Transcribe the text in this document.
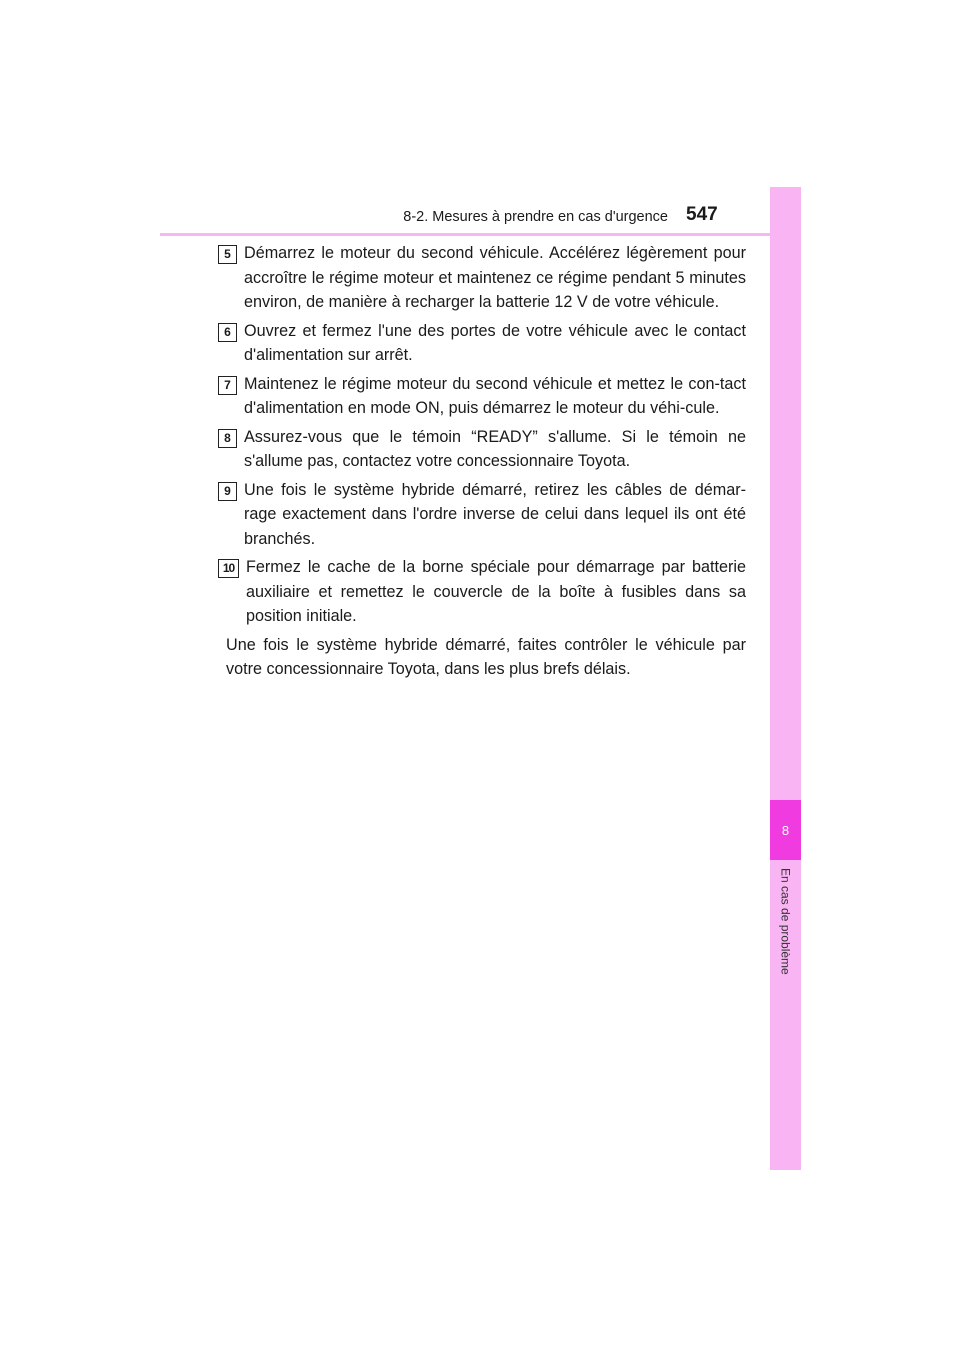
8
En cas de problème
8-2. Mesures à prendre en cas d'urgence 547
5 Démarrez le moteur du second véhicule. Accélérez légèrement pour accroître le régime moteur et maintenez ce régime pendant 5 minutes environ, de manière à recharger la batterie 12 V de votre véhicule.
6 Ouvrez et fermez l'une des portes de votre véhicule avec le contact d'alimentation sur arrêt.
7 Maintenez le régime moteur du second véhicule et mettez le con-tact d'alimentation en mode ON, puis démarrez le moteur du véhi-cule.
8 Assurez-vous que le témoin “READY” s'allume. Si le témoin ne s'allume pas, contactez votre concessionnaire Toyota.
9 Une fois le système hybride démarré, retirez les câbles de démar-rage exactement dans l'ordre inverse de celui dans lequel ils ont été branchés.
10 Fermez le cache de la borne spéciale pour démarrage par batterie auxiliaire et remettez le couvercle de la boîte à fusibles dans sa position initiale.
Une fois le système hybride démarré, faites contrôler le véhicule par votre concessionnaire Toyota, dans les plus brefs délais.
